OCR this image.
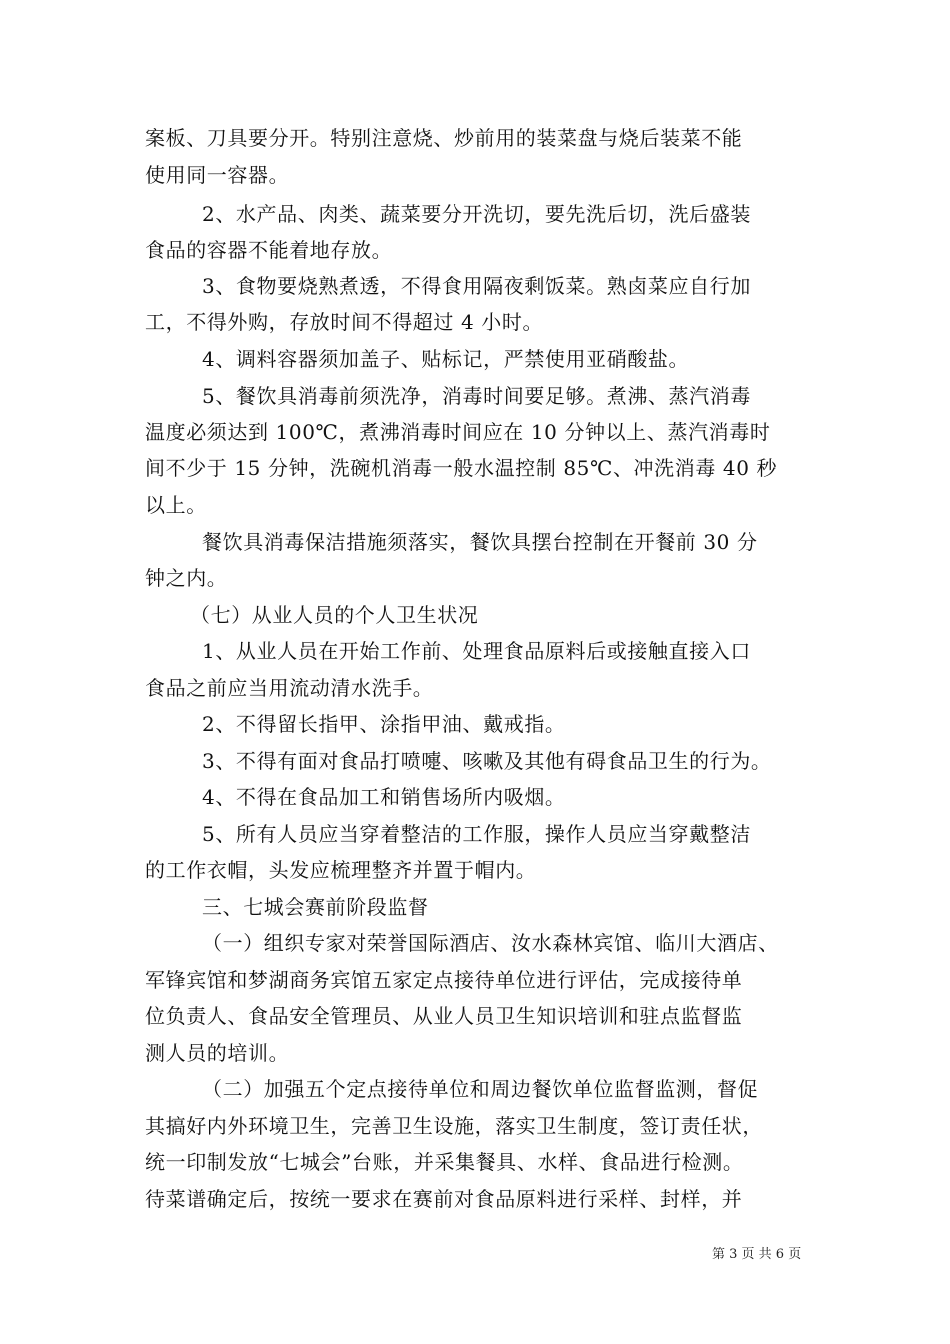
案板、刀具要分开。特别注意烧、炒前用的装菜盘与烧后装菜不能
使用同一容器。
2、水产品、肉类、蔬菜要分开洗切，要先洗后切，洗后盛装
食品的容器不能着地存放。
3、食物要烧熟煮透，不得食用隔夜剩饭菜。熟卤菜应自行加
工，不得外购，存放时间不得超过 4 小时。
4、调料容器须加盖子、贴标记，严禁使用亚硝酸盐。
5、餐饮具消毒前须洗净，消毒时间要足够。煮沸、蒸汽消毒
温度必须达到 100℃，煮沸消毒时间应在 10 分钟以上、蒸汽消毒时
间不少于 15 分钟，洗碗机消毒一般水温控制 85℃、冲洗消毒 40 秒
以上。
餐饮具消毒保洁措施须落实，餐饮具摆台控制在开餐前 30 分
钟之内。
（七）从业人员的个人卫生状况
1、从业人员在开始工作前、处理食品原料后或接触直接入口
食品之前应当用流动清水洗手。
2、不得留长指甲、涂指甲油、戴戒指。
3、不得有面对食品打喷嚏、咳嗽及其他有碍食品卫生的行为。
4、不得在食品加工和销售场所内吸烟。
5、所有人员应当穿着整洁的工作服，操作人员应当穿戴整洁
的工作衣帽，头发应梳理整齐并置于帽内。
三、七城会赛前阶段监督
（一）组织专家对荣誉国际酒店、汝水森林宾馆、临川大酒店、
军锋宾馆和梦湖商务宾馆五家定点接待单位进行评估，完成接待单
位负责人、食品安全管理员、从业人员卫生知识培训和驻点监督监
测人员的培训。
（二）加强五个定点接待单位和周边餐饮单位监督监测，督促
其搞好内外环境卫生，完善卫生设施，落实卫生制度，签订责任状，
统一印制发放“七城会”台账，并采集餐具、水样、食品进行检测。
待菜谱确定后，按统一要求在赛前对食品原料进行采样、封样，并
第 3 页 共 6 页
